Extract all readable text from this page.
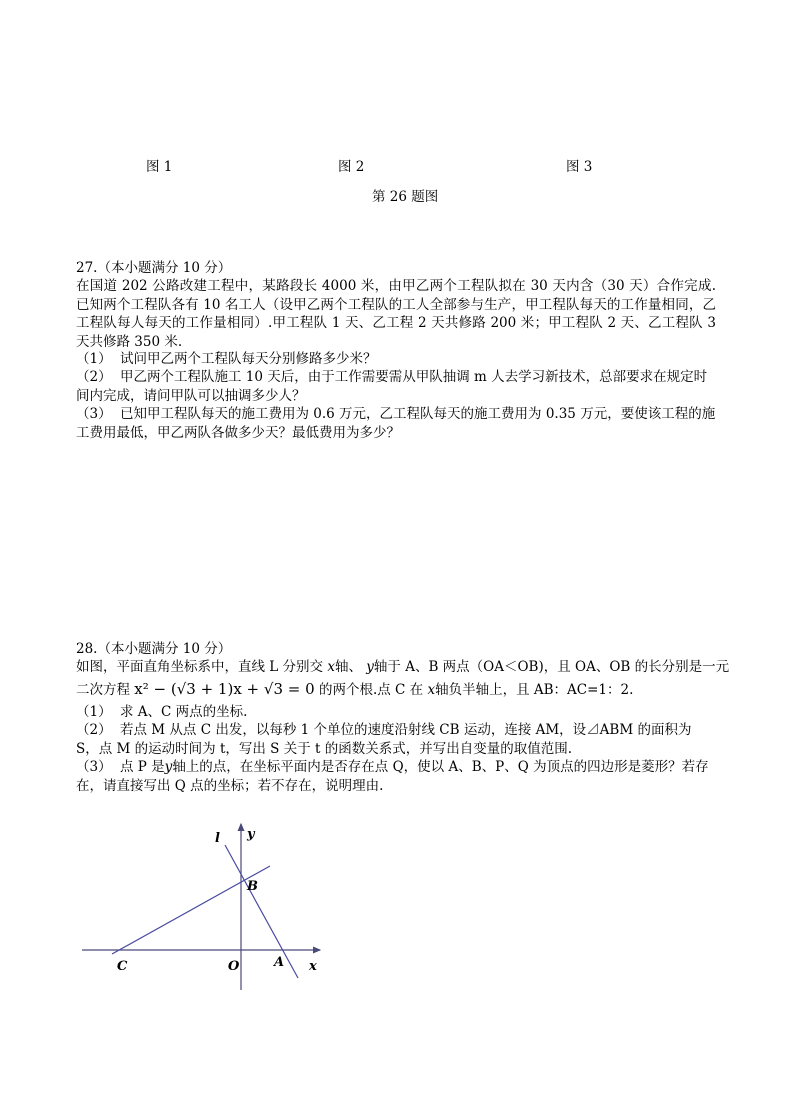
图 1	图 2	图 3
第 26 题图
27.（本小题满分 10 分）
在国道 202 公路改建工程中，某路段长 4000 米，由甲乙两个工程队拟在 30 天内含（30 天）合作完成.已知两个工程队各有 10 名工人（设甲乙两个工程队的工人全部参与生产，甲工程队每天的工作量相同，乙工程队每人每天的工作量相同）.甲工程队 1 天、乙工程 2 天共修路 200 米；甲工程队 2 天、乙工程队 3 天共修路 350 米.
（1） 试问甲乙两个工程队每天分别修路多少米？
（2） 甲乙两个工程队施工 10 天后，由于工作需要需从甲队抽调 m 人去学习新技术，总部要求在规定时间内完成，请问甲队可以抽调多少人？
（3） 已知甲工程队每天的施工费用为 0.6 万元，乙工程队每天的施工费用为 0.35 万元，要使该工程的施工费用最低，甲乙两队各做多少天？最低费用为多少？
28.（本小题满分 10 分）
如图，平面直角坐标系中，直线 L 分别交 x轴、 y轴于 A、B 两点（OA＜OB)，且 OA、OB 的长分别是一元
二次方程 x² − (√3 + 1)x + √3 = 0 的两个根.点 C 在 x轴负半轴上，且 AB：AC=1：2.
（1） 求 A、C 两点的坐标.
（2） 若点 M 从点 C 出发，以每秒 1 个单位的速度沿射线 CB 运动，连接 AM，设⊿ABM 的面积为 S，点 M 的运动时间为 t，写出 S 关于 t 的函数关系式，并写出自变量的取值范围.
（3） 点 P 是y轴上的点，在坐标平面内是否存在点 Q，使以 A、B、P、Q 为顶点的四边形是菱形？若存在，请直接写出 Q 点的坐标；若不存在，说明理由.
l y
B
C	O	A x
